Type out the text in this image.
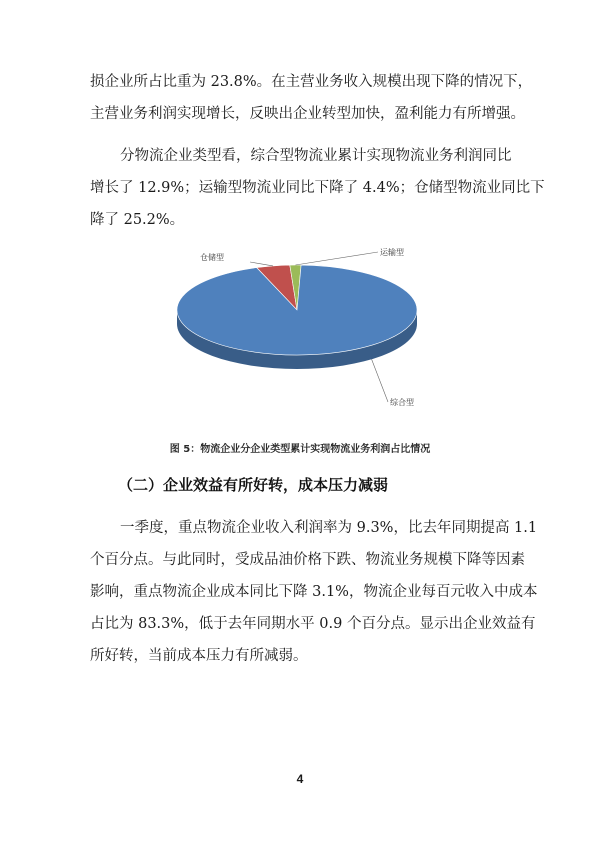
损企业所占比重为 23.8%。在主营业务收入规模出现下降的情况下，
主营业务利润实现增长，反映出企业转型加快，盈利能力有所增强。
分物流企业类型看，综合型物流业累计实现物流业务利润同比
增长了 12.9%；运输型物流业同比下降了 4.4%；仓储型物流业同比下
降了 25.2%。
仓储型
运输型
综合型
图 5：物流企业分企业类型累计实现物流业务利润占比情况
（二）企业效益有所好转，成本压力减弱
一季度，重点物流企业收入利润率为 9.3%，比去年同期提高 1.1
个百分点。与此同时，受成品油价格下跌、物流业务规模下降等因素
影响，重点物流企业成本同比下降 3.1%，物流企业每百元收入中成本
占比为 83.3%，低于去年同期水平 0.9 个百分点。显示出企业效益有
所好转，当前成本压力有所减弱。
4
